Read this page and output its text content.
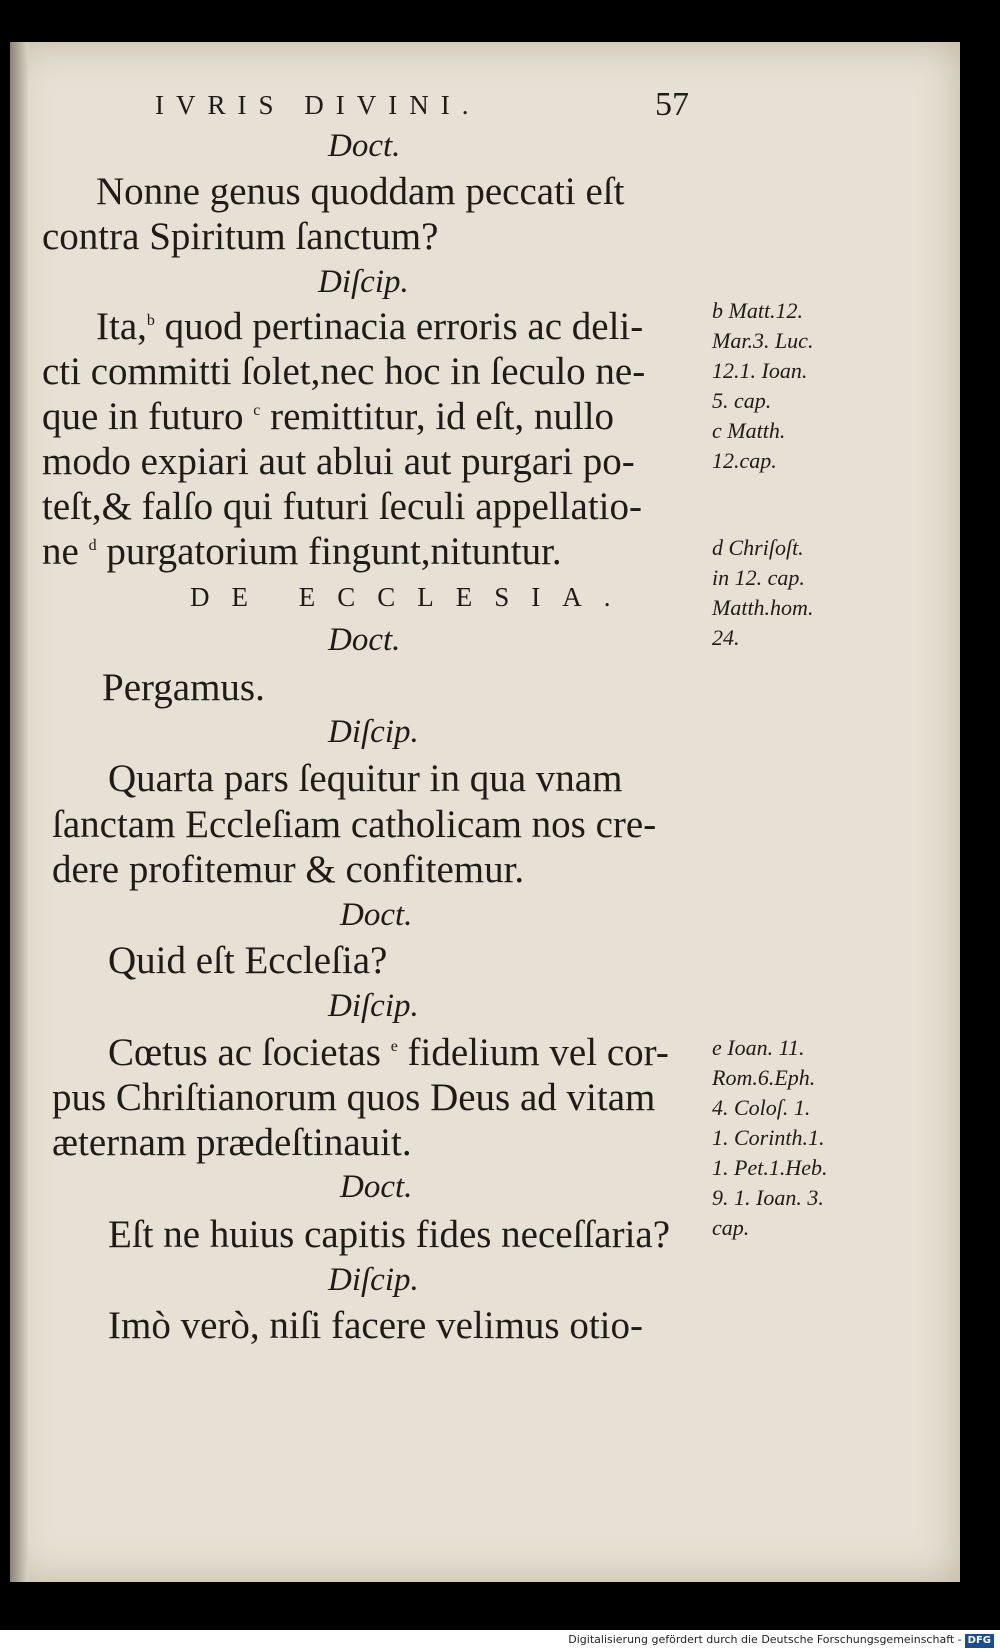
IVRIS DIVINI.	57

Doct.

Nonne genus quoddam peccati eſt

contra Spiritum ſanctum?

Diſcip.

Ita,$^b$ quod pertinacia erroris ac deli-

cti committi ſolet,nec hoc in ſeculo ne-

que in futuro $^c$ remittitur, id eſt, nullo

modo expiari aut ablui aut purgari po-

teſt,& falſo qui futuri ſeculi appellatio-

ne $^d$ purgatorium fingunt,nituntur.

DE ECCLESIA.

Doct.

Pergamus.

Diſcip.

Quarta pars ſequitur in qua vnam

ſanctam Eccleſiam catholicam nos cre-

dere profitemur & confitemur.

Doct.

Quid eſt Eccleſia?

Diſcip.

Cœtus ac ſocietas $^e$ fidelium vel cor-

pus Chriſtianorum quos Deus ad vitam

æternam prædeſtinauit.

Doct.

Eſt ne huius capitis fides neceſſaria?

Diſcip.

Imò verò, niſi facere velimus otio-

b Matt.12.

Mar.3. Luc.

12.1. Ioan.

5. cap.

c Matth.

12.cap.

d Chriſoſt.

in 12. cap.

Matth.hom.

24.

e Ioan. 11.

Rom.6.Eph.

4. Coloſ. 1.

1. Corinth.1.

1. Pet.1.Heb.

9. 1. Ioan. 3.

cap.

Digitalisierung gefördert durch die Deutsche Forschungsgemeinschaft - DFG
